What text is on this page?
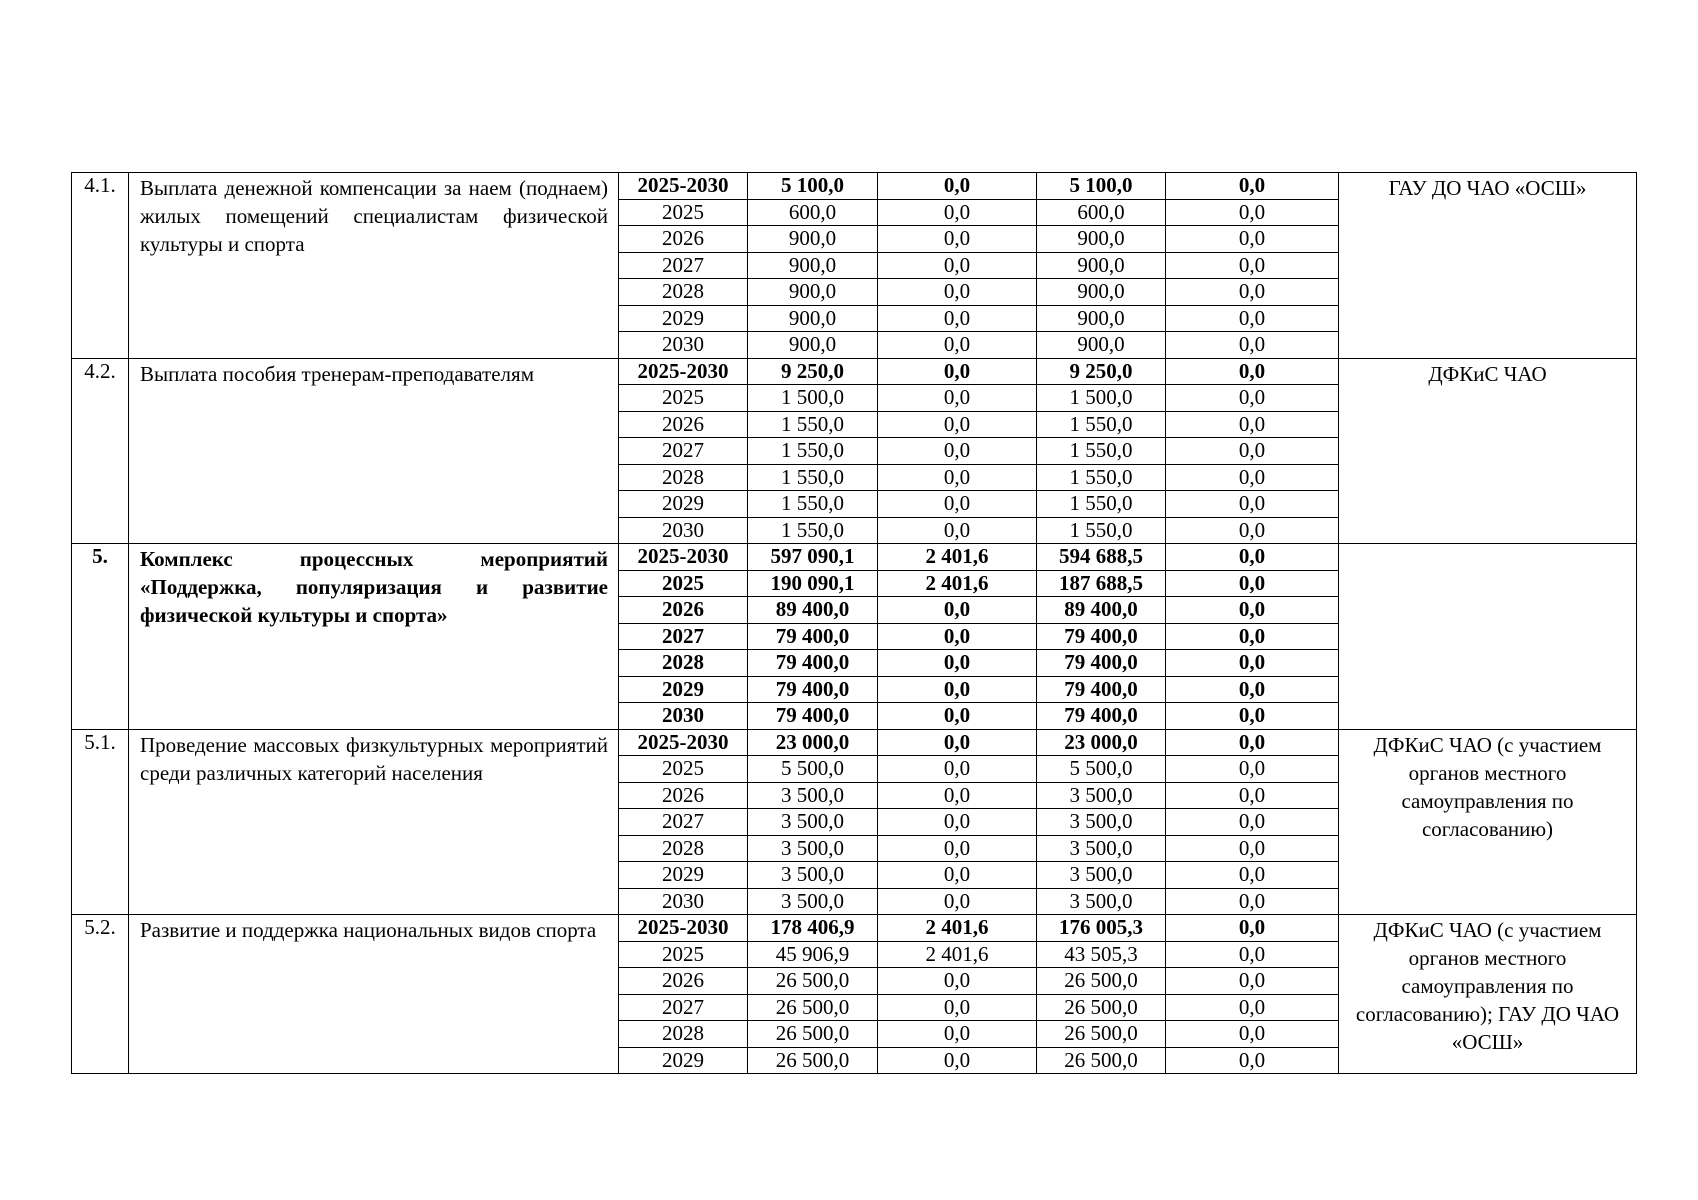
4.1.	Выплата денежной компенсации за наем (поднаем) жилых помещений специалистам физической культуры и спорта	2025-2030	5 100,0	0,0	5 100,0	0,0	ГАУ ДО ЧАО «ОСШ»
		2025	600,0	0,0	600,0	0,0	
		2026	900,0	0,0	900,0	0,0	
		2027	900,0	0,0	900,0	0,0	
		2028	900,0	0,0	900,0	0,0	
		2029	900,0	0,0	900,0	0,0	
		2030	900,0	0,0	900,0	0,0	
4.2.	Выплата пособия тренерам-преподавателям	2025-2030	9 250,0	0,0	9 250,0	0,0	ДФКиС ЧАО
		2025	1 500,0	0,0	1 500,0	0,0	
		2026	1 550,0	0,0	1 550,0	0,0	
		2027	1 550,0	0,0	1 550,0	0,0	
		2028	1 550,0	0,0	1 550,0	0,0	
		2029	1 550,0	0,0	1 550,0	0,0	
		2030	1 550,0	0,0	1 550,0	0,0	
5.	Комплекс процессных мероприятий «Поддержка, популяризация и развитие физической культуры и спорта»	2025-2030	597 090,1	2 401,6	594 688,5	0,0	
		2025	190 090,1	2 401,6	187 688,5	0,0	
		2026	89 400,0	0,0	89 400,0	0,0	
		2027	79 400,0	0,0	79 400,0	0,0	
		2028	79 400,0	0,0	79 400,0	0,0	
		2029	79 400,0	0,0	79 400,0	0,0	
		2030	79 400,0	0,0	79 400,0	0,0	
5.1.	Проведение массовых физкультурных мероприятий среди различных категорий населения	2025-2030	23 000,0	0,0	23 000,0	0,0	ДФКиС ЧАО (с участием органов местного самоуправления по согласованию)
		2025	5 500,0	0,0	5 500,0	0,0	
		2026	3 500,0	0,0	3 500,0	0,0	
		2027	3 500,0	0,0	3 500,0	0,0	
		2028	3 500,0	0,0	3 500,0	0,0	
		2029	3 500,0	0,0	3 500,0	0,0	
		2030	3 500,0	0,0	3 500,0	0,0	
5.2.	Развитие и поддержка национальных видов спорта	2025-2030	178 406,9	2 401,6	176 005,3	0,0	ДФКиС ЧАО (с участием органов местного самоуправления по согласованию); ГАУ ДО ЧАО «ОСШ»
		2025	45 906,9	2 401,6	43 505,3	0,0	
		2026	26 500,0	0,0	26 500,0	0,0	
		2027	26 500,0	0,0	26 500,0	0,0	
		2028	26 500,0	0,0	26 500,0	0,0	
		2029	26 500,0	0,0	26 500,0	0,0	
